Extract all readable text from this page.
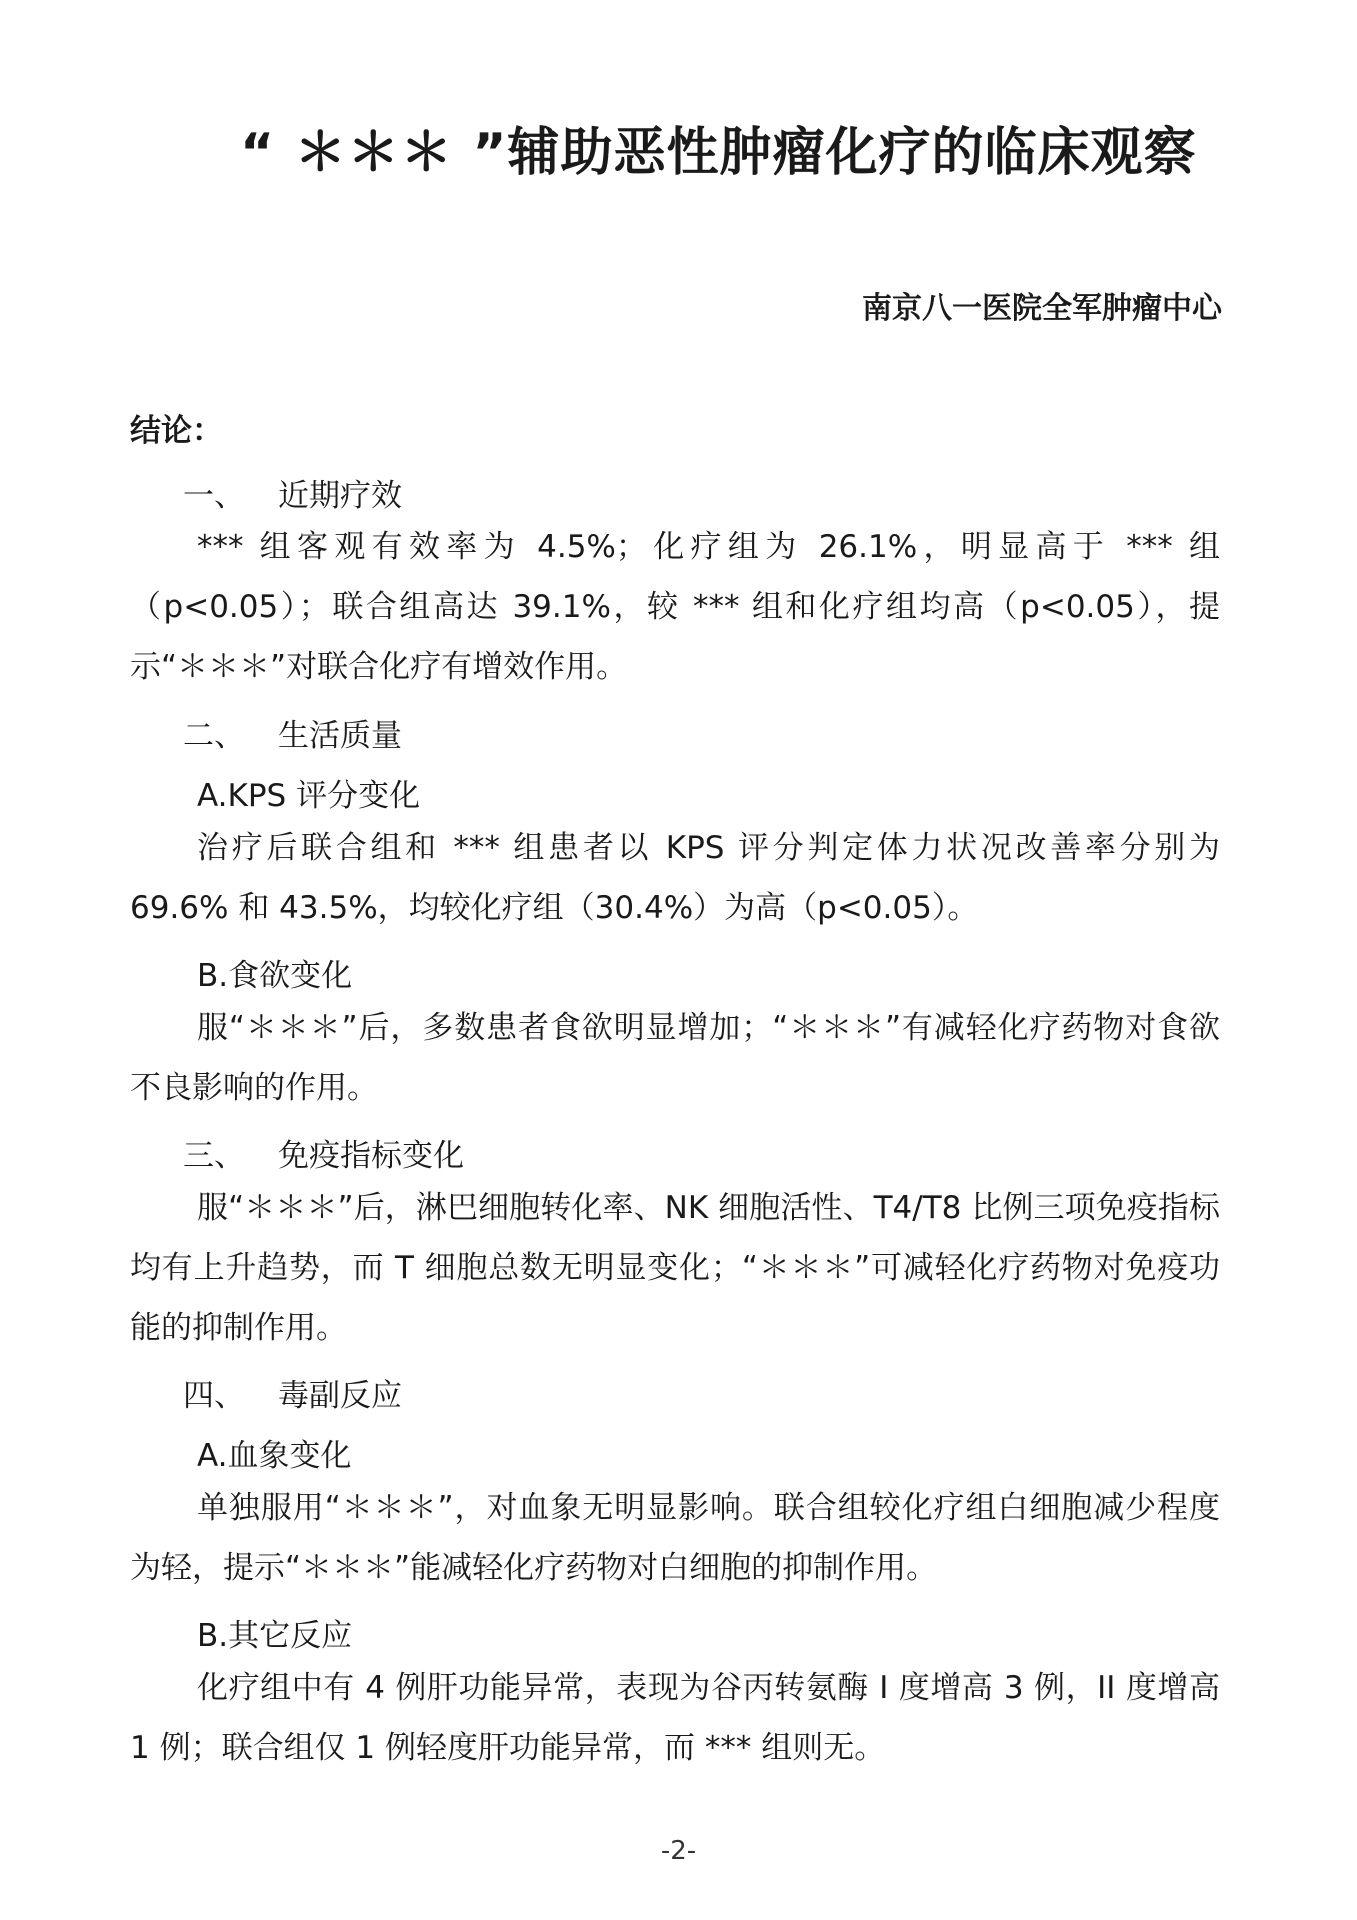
“ ＊＊＊ ”辅助恶性肿瘤化疗的临床观察
南京八一医院全军肿瘤中心
结论：
一、 近期疗效
*** 组客观有效率为 4.5%；化疗组为 26.1%，明显高于 *** 组（p<0.05）；联合组高达 39.1%，较 *** 组和化疗组均高（p<0.05），提示“＊＊＊”对联合化疗有增效作用。
二、 生活质量
A.KPS 评分变化
治疗后联合组和 *** 组患者以 KPS 评分判定体力状况改善率分别为 69.6% 和 43.5%，均较化疗组（30.4%）为高（p<0.05）。
B.食欲变化
服“＊＊＊”后，多数患者食欲明显增加；“＊＊＊”有减轻化疗药物对食欲不良影响的作用。
三、 免疫指标变化
服“＊＊＊”后，淋巴细胞转化率、NK 细胞活性、T4/T8 比例三项免疫指标均有上升趋势，而 T 细胞总数无明显变化；“＊＊＊”可减轻化疗药物对免疫功能的抑制作用。
四、 毒副反应
A.血象变化
单独服用“＊＊＊”，对血象无明显影响。联合组较化疗组白细胞减少程度为轻，提示“＊＊＊”能减轻化疗药物对白细胞的抑制作用。
B.其它反应
化疗组中有 4 例肝功能异常，表现为谷丙转氨酶 I 度增高 3 例，II 度增高 1 例；联合组仅 1 例轻度肝功能异常，而 *** 组则无。
-2-
